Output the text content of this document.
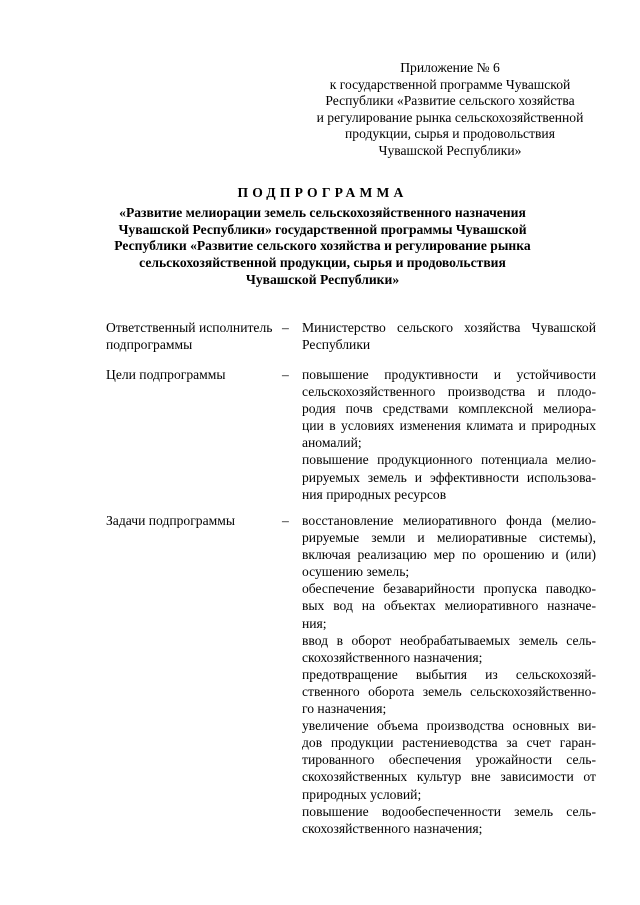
Приложение № 6
к государственной программе Чувашской
Республики «Развитие сельского хозяйства
и регулирование рынка сельскохозяйственной
продукции, сырья и продовольствия
Чувашской Республики»
ПОДПРОГРАММА
«Развитие мелиорации земель сельскохозяйственного назначения
Чувашской Республики» государственной программы Чувашской
Республики «Развитие сельского хозяйства и регулирование рынка
сельскохозяйственной продукции, сырья и продовольствия
Чувашской Республики»
Ответственный исполнитель
подпрограммы
– Министерство сельского хозяйства Чувашской
Республики
Цели подпрограммы	– повышение продуктивности и устойчивости
сельскохозяйственного производства и плодо-
родия почв средствами комплексной мелиора-
ции в условиях изменения климата и природных
аномалий;
повышение продукционного потенциала мелио-
рируемых земель и эффективности использова-
ния природных ресурсов
Задачи подпрограммы	– восстановление мелиоративного фонда (мелио-
рируемые земли и мелиоративные системы),
включая реализацию мер по орошению и (или)
осушению земель;
обеспечение безаварийности пропуска паводко-
вых вод на объектах мелиоративного назначе-
ния;
ввод в оборот необрабатываемых земель сель-
скохозяйственного назначения;
предотвращение выбытия из сельскохозяй-
ственного оборота земель сельскохозяйственно-
го назначения;
увеличение объема производства основных ви-
дов продукции растениеводства за счет гаран-
тированного обеспечения урожайности сель-
скохозяйственных культур вне зависимости от
природных условий;
повышение водообеспеченности земель сель-
скохозяйственного назначения;
